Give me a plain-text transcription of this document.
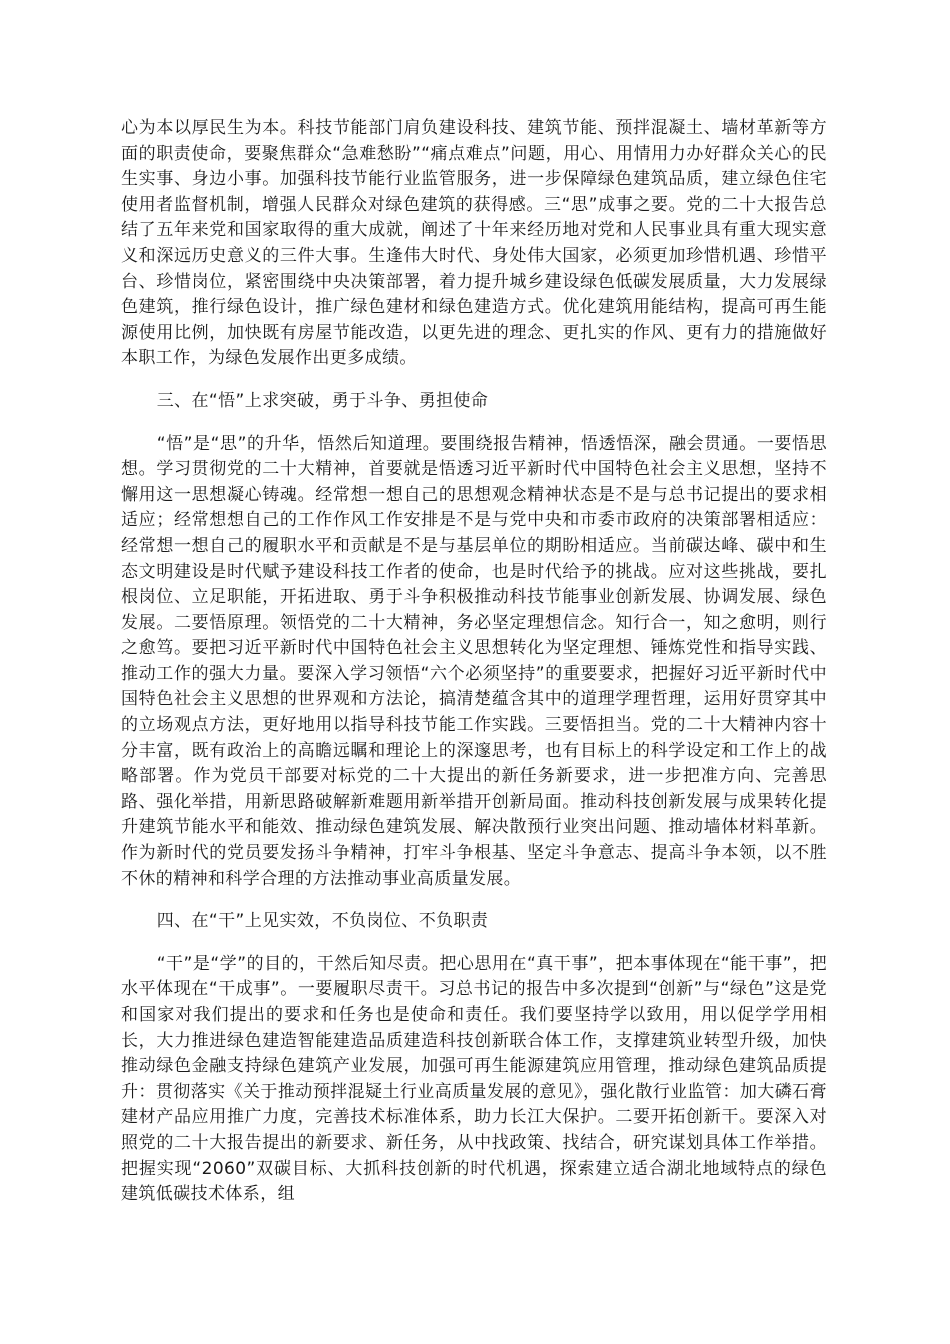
心为本以厚民生为本。科技节能部门肩负建设科技、建筑节能、预拌混凝土、墙材革新等方面的职责使命，要聚焦群众“急难愁盼”“痛点难点”问题，用心、用情用力办好群众关心的民生实事、身边小事。加强科技节能行业监管服务，进一步保障绿色建筑品质，建立绿色住宅使用者监督机制，增强人民群众对绿色建筑的获得感。三“思”成事之要。党的二十大报告总结了五年来党和国家取得的重大成就，阐述了十年来经历地对党和人民事业具有重大现实意义和深远历史意义的三件大事。生逢伟大时代、身处伟大国家，必须更加珍惜机遇、珍惜平台、珍惜岗位，紧密围绕中央决策部署，着力提升城乡建设绿色低碳发展质量，大力发展绿色建筑，推行绿色设计，推广绿色建材和绿色建造方式。优化建筑用能结构，提高可再生能源使用比例，加快既有房屋节能改造，以更先进的理念、更扎实的作风、更有力的措施做好本职工作，为绿色发展作出更多成绩。

三、在“悟”上求突破，勇于斗争、勇担使命

“悟”是“思”的升华，悟然后知道理。要围绕报告精神，悟透悟深，融会贯通。一要悟思想。学习贯彻党的二十大精神，首要就是悟透习近平新时代中国特色社会主义思想，坚持不懈用这一思想凝心铸魂。经常想一想自己的思想观念精神状态是不是与总书记提出的要求相适应；经常想想自己的工作作风工作安排是不是与党中央和市委市政府的决策部署相适应：经常想一想自己的履职水平和贡献是不是与基层单位的期盼相适应。当前碳达峰、碳中和生态文明建设是时代赋予建设科技工作者的使命，也是时代给予的挑战。应对这些挑战，要扎根岗位、立足职能，开拓进取、勇于斗争积极推动科技节能事业创新发展、协调发展、绿色发展。二要悟原理。领悟党的二十大精神，务必坚定理想信念。知行合一，知之愈明，则行之愈笃。要把习近平新时代中国特色社会主义思想转化为坚定理想、锤炼党性和指导实践、推动工作的强大力量。要深入学习领悟“六个必须坚持”的重要要求，把握好习近平新时代中国特色社会主义思想的世界观和方法论，搞清楚蕴含其中的道理学理哲理，运用好贯穿其中的立场观点方法，更好地用以指导科技节能工作实践。三要悟担当。党的二十大精神内容十分丰富，既有政治上的高瞻远瞩和理论上的深邃思考，也有目标上的科学设定和工作上的战略部署。作为党员干部要对标党的二十大提出的新任务新要求，进一步把准方向、完善思路、强化举措，用新思路破解新难题用新举措开创新局面。推动科技创新发展与成果转化提升建筑节能水平和能效、推动绿色建筑发展、解决散预行业突出问题、推动墙体材料革新。作为新时代的党员要发扬斗争精神，打牢斗争根基、坚定斗争意志、提高斗争本领，以不胜不休的精神和科学合理的方法推动事业高质量发展。

四、在“干”上见实效，不负岗位、不负职责

“干”是“学”的目的，干然后知尽责。把心思用在“真干事”，把本事体现在“能干事”，把水平体现在“干成事”。一要履职尽责干。习总书记的报告中多次提到“创新”与“绿色”这是党和国家对我们提出的要求和任务也是使命和责任。我们要坚持学以致用，用以促学学用相长，大力推进绿色建造智能建造品质建造科技创新联合体工作，支撑建筑业转型升级，加快推动绿色金融支持绿色建筑产业发展，加强可再生能源建筑应用管理，推动绿色建筑品质提升：贯彻落实《关于推动预拌混疑土行业高质量发展的意见》，强化散行业监管：加大磷石膏建材产品应用推广力度，完善技术标准体系，助力长江大保护。二要开拓创新干。要深入对照党的二十大报告提出的新要求、新任务，从中找政策、找结合，研究谋划具体工作举措。把握实现“2060”双碳目标、大抓科技创新的时代机遇，探索建立适合湖北地域特点的绿色建筑低碳技术体系，组
